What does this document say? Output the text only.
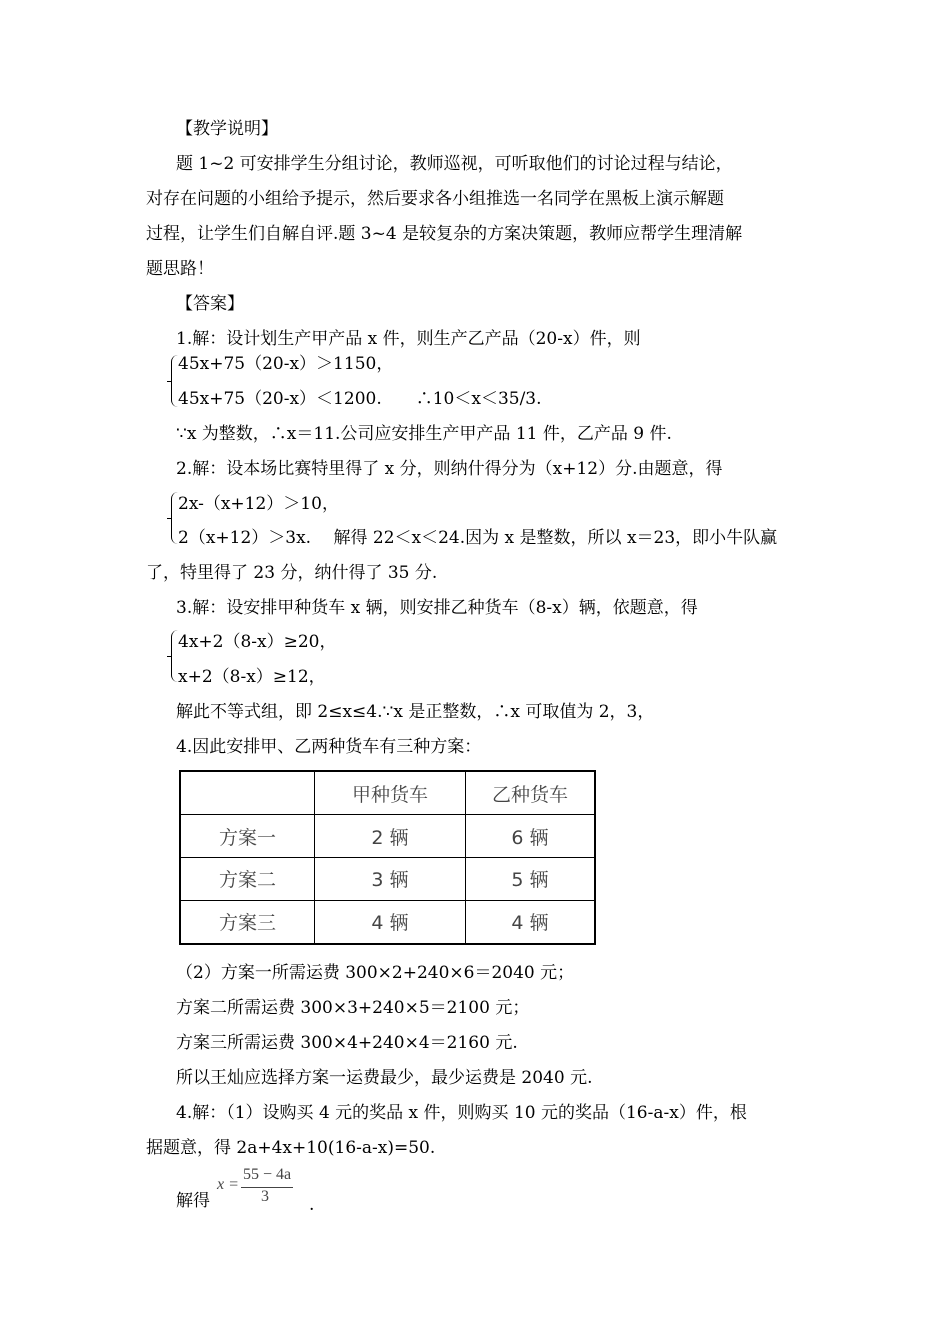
【教学说明】
题 1~2 可安排学生分组讨论，教师巡视，可听取他们的讨论过程与结论，
对存在问题的小组给予提示，然后要求各小组推选一名同学在黑板上演示解题
过程，让学生们自解自评.题 3~4 是较复杂的方案决策题，教师应帮学生理清解
题思路！
【答案】
1.解：设计划生产甲产品 x 件，则生产乙产品（20-x）件，则
45x+75（20-x）＞1150，
45x+75（20-x）＜1200.　　∴10＜x＜35/3.
∵x 为整数，∴x＝11.公司应安排生产甲产品 11 件，乙产品 9 件.
2.解：设本场比赛特里得了 x 分，则纳什得分为（x+12）分.由题意，得
2x-（x+12）＞10，
2（x+12）＞3x.　 解得 22＜x＜24.因为 x 是整数，所以 x＝23，即小牛队赢
了，特里得了 23 分，纳什得了 35 分.
3.解：设安排甲种货车 x 辆，则安排乙种货车（8-x）辆，依题意，得
4x+2（8-x）≥20，
x+2（8-x）≥12，
解此不等式组，即 2≤x≤4.∵x 是正整数，∴x 可取值为 2，3，
4.因此安排甲、乙两种货车有三种方案：
	甲种货车	乙种货车
方案一	2 辆	6 辆
方案二	3 辆	5 辆
方案三	4 辆	4 辆
（2）方案一所需运费 300×2+240×6＝2040 元；
方案二所需运费 300×3+240×5＝2100 元；
方案三所需运费 300×4+240×4＝2160 元.
所以王灿应选择方案一运费最少，最少运费是 2040 元.
4.解：（1）设购买 4 元的奖品 x 件，则购买 10 元的奖品（16-a-x）件，根
据题意，得 2a+4x+10(16-a-x)=50.
解得
x =
55 − 4a
3 .
